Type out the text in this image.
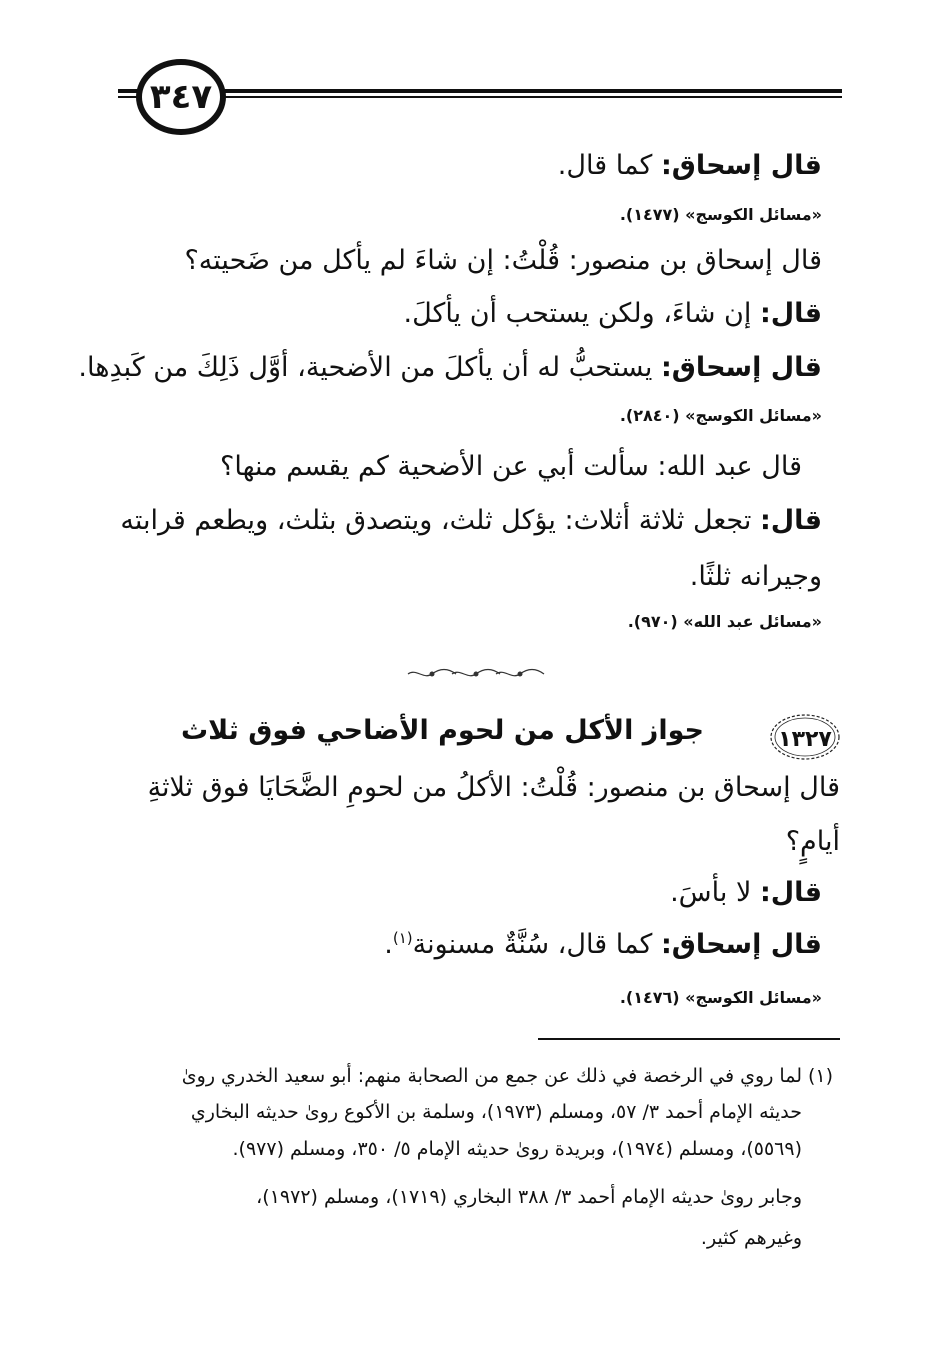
٣٤٧
قال إسحاق: كما قال.
«مسائل الكوسج» (١٤٧٧).
قال إسحاق بن منصور: قُلْتُ: إن شاءَ لم يأكل من ضَحيته؟
قال: إن شاءَ، ولكن يستحب أن يأكلَ.
قال إسحاق: يستحبُّ له أن يأكلَ من الأضحية، أوَّل ذَلِكَ من كَبدِها.
«مسائل الكوسج» (٢٨٤٠).
قال عبد الله: سألت أبي عن الأضحية كم يقسم منها؟
قال: تجعل ثلاثة أثلاث: يؤكل ثلث، ويتصدق بثلث، ويطعم قرابته
وجيرانه ثلثًا.
«مسائل عبد الله» (٩٧٠).
١٣٢٧
جواز الأكل من لحوم الأضاحي فوق ثلاث
قال إسحاق بن منصور: قُلْتُ: الأكلُ من لحومِ الضَّحَايَا فوق ثلاثةِ
أيامٍ؟
قال: لا بأسَ.
قال إسحاق: كما قال، سُنَّةٌ مسنونة$^{(١)}$.
«مسائل الكوسج» (١٤٧٦).
(١)
لما روي في الرخصة في ذلك عن جمع من الصحابة منهم: أبو سعيد الخدري روىٰ
حديثه الإمام أحمد ٣/ ٥٧، ومسلم (١٩٧٣)، وسلمة بن الأكوع روىٰ حديثه البخاري
(٥٥٦٩)، ومسلم (١٩٧٤)، وبريدة روىٰ حديثه الإمام ٥/ ٣٥٠، ومسلم (٩٧٧).
وجابر روىٰ حديثه الإمام أحمد ٣/ ٣٨٨ البخاري (١٧١٩)، ومسلم (١٩٧٢)،
وغيرهم كثير.
